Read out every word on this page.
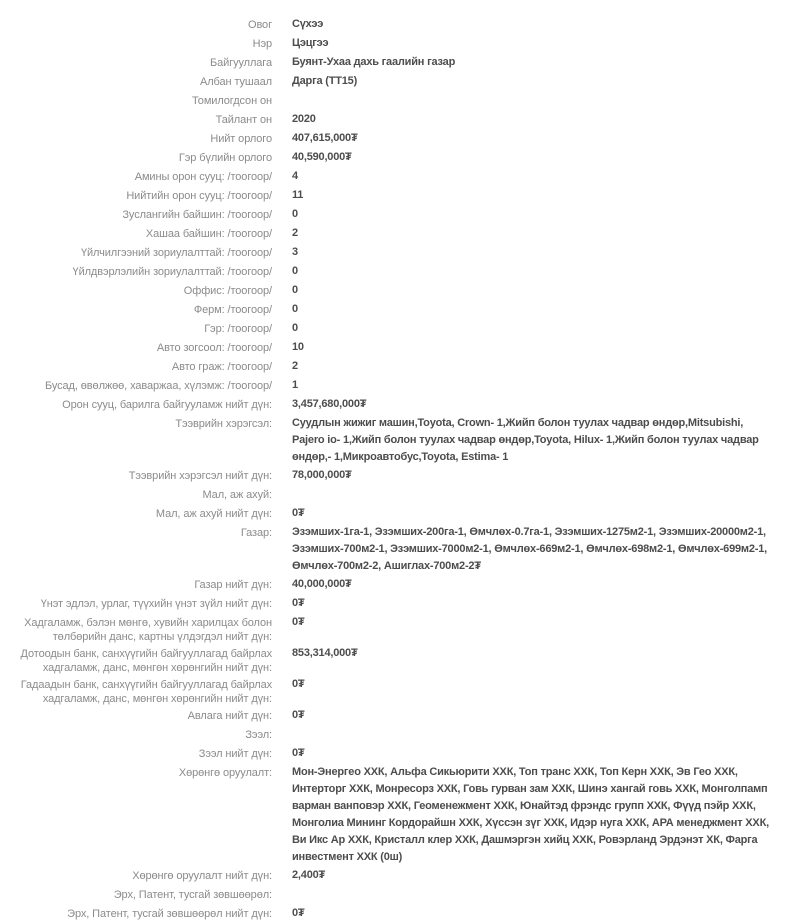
Овог Сүхээ
Нэр Цэцгээ
Байгууллага Буянт-Ухаа дахь гаалийн газар
Албан тушаал Дарга (ТТ15)
Томилогдсон он
Тайлант он 2020
Нийт орлого 407,615,000₮
Гэр бүлийн орлого 40,590,000₮
Амины орон сууц: /тоогоор/ 4
Нийтийн орон сууц: /тоогоор/ 11
Зуслангийн байшин: /тоогоор/ 0
Хашаа байшин: /тоогоор/ 2
Үйлчилгээний зориулалттай: /тоогоор/ 3
Үйлдвэрлэлийн зориулалттай: /тоогоор/ 0
Оффис: /тоогоор/ 0
Ферм: /тоогоор/ 0
Гэр: /тоогоор/ 0
Авто зогсоол: /тоогоор/ 10
Авто граж: /тоогоор/ 2
Бусад, өвөлжөө, хаваржаа, хүлэмж: /тоогоор/ 1
Орон сууц, барилга байгууламж нийт дүн: 3,457,680,000₮
Тээврийн хэрэгсэл: Суудлын жижиг машин,Toyota, Crown- 1,Жийп болон туулах чадвар өндөр,Mitsubishi, Pajero io- 1,Жийп болон туулах чадвар өндөр,Toyota, Hilux- 1,Жийп болон туулах чадвар өндөр,- 1,Микроавтобус,Toyota, Estima- 1
Тээврийн хэрэгсэл нийт дүн: 78,000,000₮
Мал, аж ахуй:
Мал, аж ахуй нийт дүн: 0₮
Газар: Эзэмших-1га-1, Эзэмших-200га-1, Өмчлөх-0.7га-1, Эзэмших-1275м2-1, Эзэмших-20000м2-1, Эзэмших-700м2-1, Эзэмших-7000м2-1, Өмчлөх-669м2-1, Өмчлөх-698м2-1, Өмчлөх-699м2-1, Өмчлөх-700м2-2, Ашиглах-700м2-2₮
Газар нийт дүн: 40,000,000₮
Үнэт эдлэл, урлаг, түүхийн үнэт зүйл нийт дүн: 0₮
Хадгаламж, бэлэн мөнгө, хувийн харилцах болон төлбөрийн данс, картны үлдэгдэл нийт дүн:
0₮
Дотоодын банк, санхүүгийн байгууллагад байрлах хадгаламж, данс, мөнгөн хөрөнгийн нийт дүн:
853,314,000₮
Гадаадын банк, санхүүгийн байгууллагад байрлах хадгаламж, данс, мөнгөн хөрөнгийн нийт дүн:
0₮
Авлага нийт дүн: 0₮
Зээл:
Зээл нийт дүн: 0₮
Хөрөнгө оруулалт: Мон-Энергео ХХК, Альфа Сикьюрити ХХК, Топ транс ХХК, Топ Керн ХХК, Эв Гео ХХК, Интерторг ХХК, Монресорз ХХК, Говь гурван зам ХХК, Шинэ хангай говь ХХК, Монголпамп варман ванповэр ХХК, Геоменежмент ХХК, Юнайтэд фрэндс групп ХХК, Фүүд пэйр ХХК, Монголиа Мининг Кордорайшн ХХК, Хүссэн зүг ХХК, Идэр нуга ХХК, АРА менеджмент ХХК, Ви Икс Ар ХХК, Кристалл клер ХХК, Дашмэргэн хийц ХХК, Ровэрланд Эрдэнэт ХК, Фарга инвестмент ХХК (0ш)
Хөрөнгө оруулалт нийт дүн: 2,400₮
Эрх, Патент, тусгай зөвшөөрөл:
Эрх, Патент, тусгай зөвшөөрөл нийт дүн: 0₮
